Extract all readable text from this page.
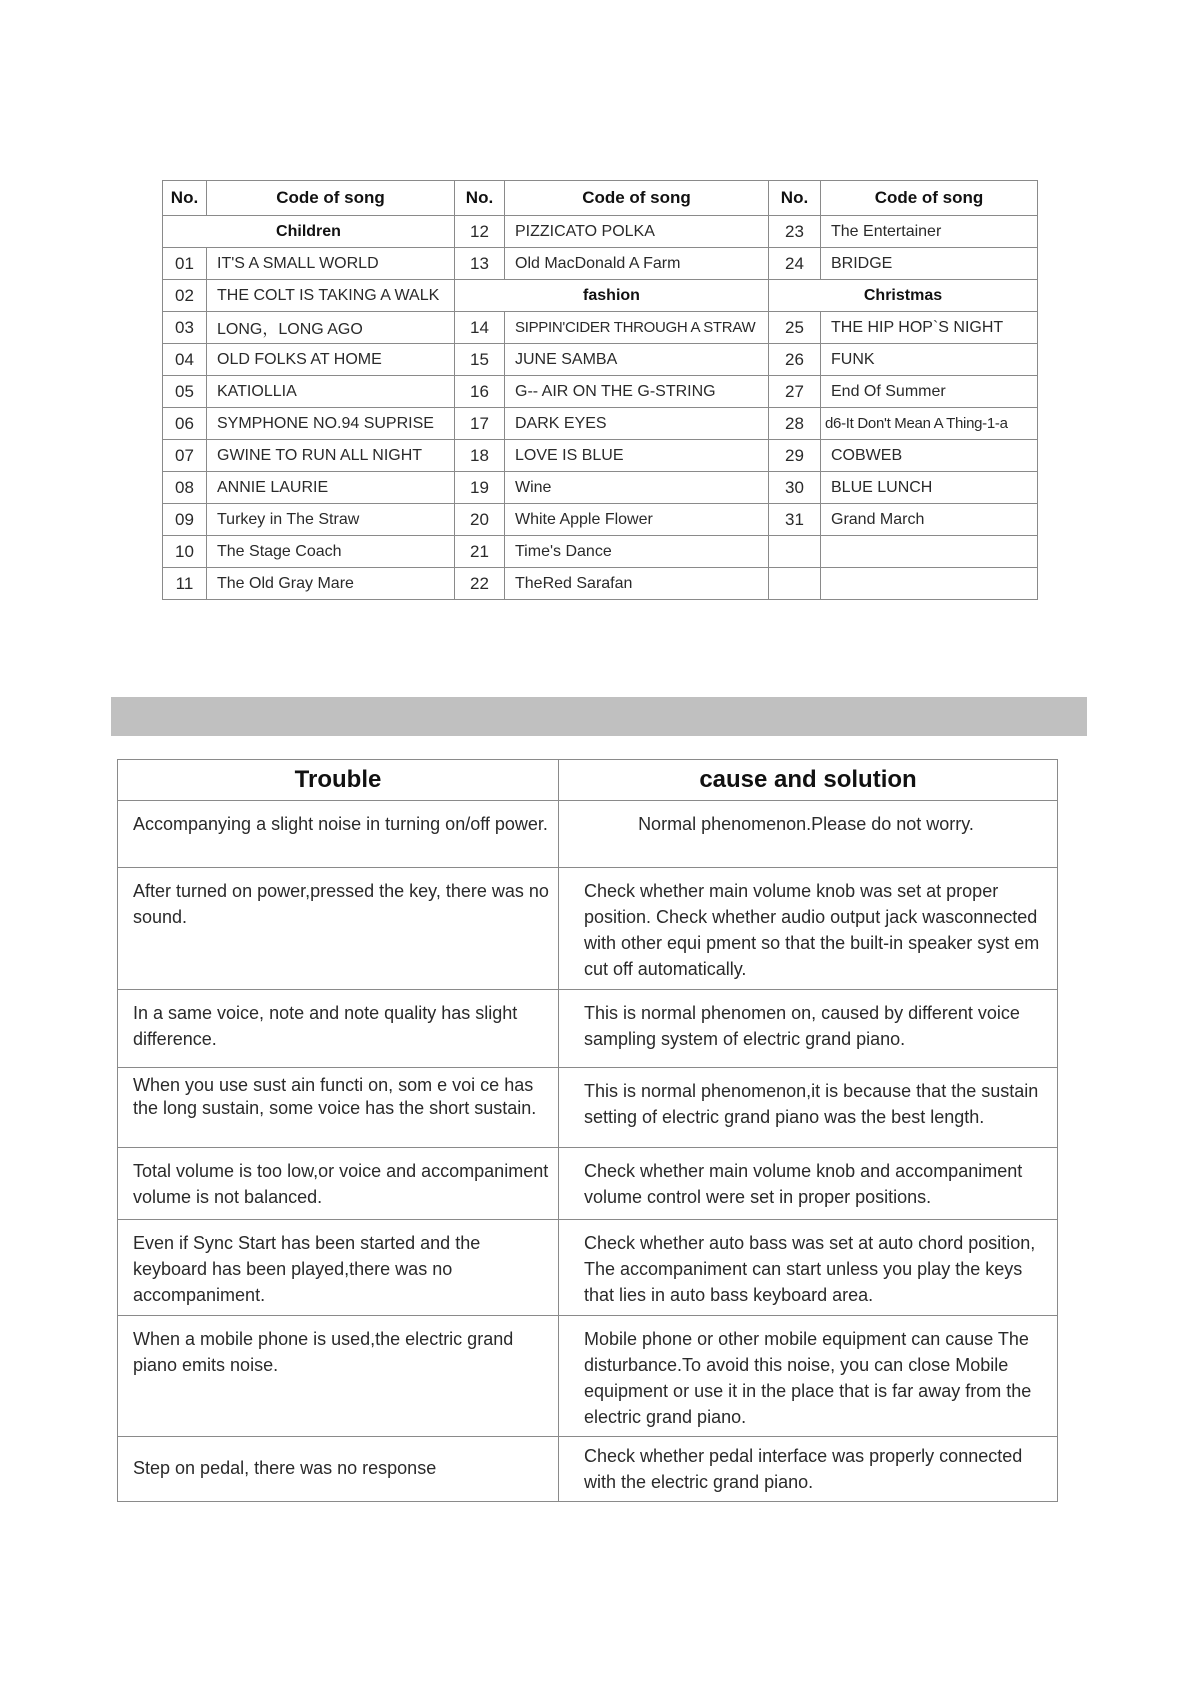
No.	Code of song	No.	Code of song	No.	Code of song
Children		12	PIZZICATO POLKA	23	The Entertainer
01	IT'S A SMALL WORLD	13	Old MacDonald A Farm	24	BRIDGE
02	THE COLT IS TAKING A WALK	fashion		Christmas	
03	LONG，LONG AGO	14	SIPPIN'CIDER THROUGH A STRAW	25	THE HIP HOP`S NIGHT
04	OLD FOLKS AT HOME	15	JUNE SAMBA	26	FUNK
05	KATIOLLIA	16	G-- AIR ON THE G-STRING	27	End Of Summer
06	SYMPHONE NO.94 SUPRISE	17	DARK EYES	28	d6-It Don't Mean A Thing-1-a
07	GWINE TO RUN ALL NIGHT	18	LOVE IS BLUE	29	COBWEB
08	ANNIE LAURIE	19	Wine	30	BLUE LUNCH
09	Turkey in The Straw	20	White Apple Flower	31	Grand March
10	The Stage Coach	21	Time's Dance		
11	The Old Gray Mare	22	TheRed Sarafan		
Trouble	cause and solution
Accompanying a slight noise in turning on/off power.	Normal phenomenon.Please do not worry.
After turned on power,pressed the key, there was no sound.	Check whether main volume knob was set at proper position. Check whether audio output jack wasconnected with other equi pment so that the built-in speaker syst em cut off automatically.
In a same voice, note and note quality has slight difference.	This is normal phenomen on, caused by different voice sampling system of electric grand piano.
When you use sust ain functi on, som e voi ce has the long sustain, some voice has the short sustain.	This is normal phenomenon,it is because that the sustain setting of electric grand piano was the best length.
Total volume is too low,or voice and accompaniment volume is not balanced.	Check whether main volume knob and accompaniment volume control were set in proper positions.
Even if Sync Start has been started and the keyboard has been played,there was no accompaniment.	Check whether auto bass was set at auto chord position, The accompaniment can start unless you play the keys that lies in auto bass keyboard area.
When a mobile phone is used,the electric grand piano emits noise.	Mobile phone or other mobile equipment can cause The disturbance.To avoid this noise, you can close Mobile equipment or use it in the place that is far away from the electric grand piano.
Step on pedal, there was no response	Check whether pedal interface was properly connected with the electric grand piano.
